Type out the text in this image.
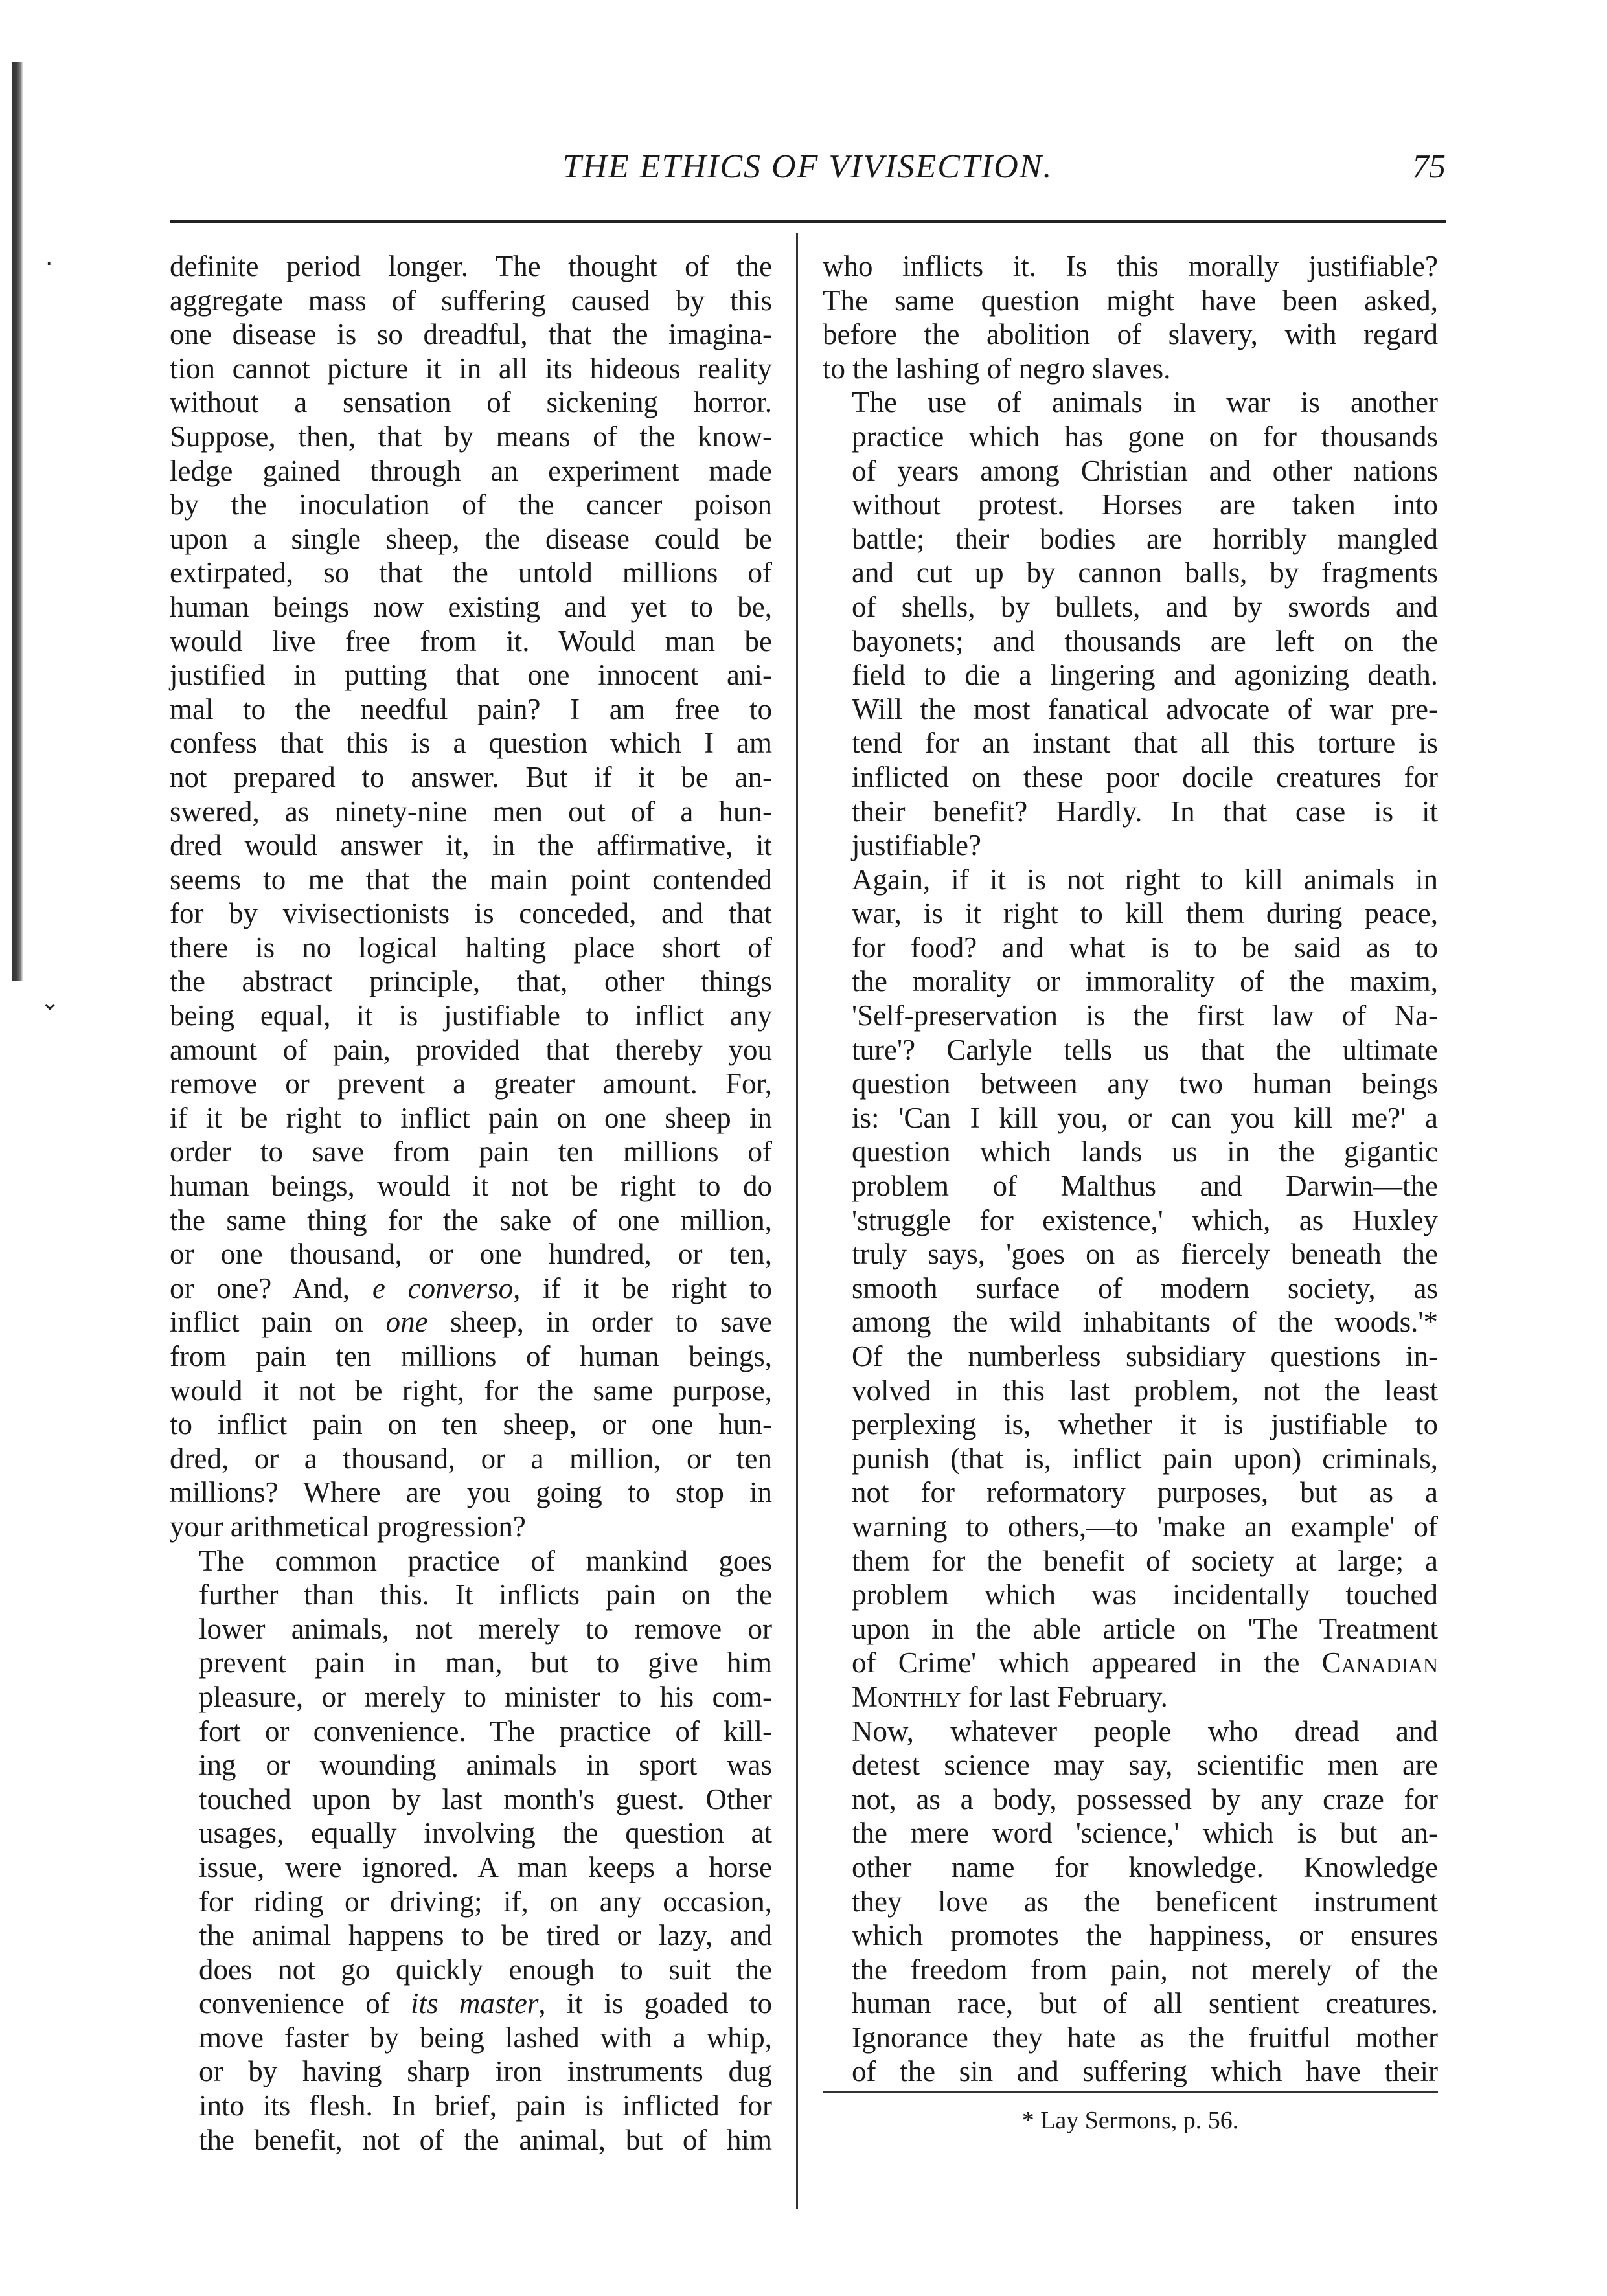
·
⌄
THE ETHICS OF VIVISECTION.	75

definite period longer. The thought of the
aggregate mass of suffering caused by this
one disease is so dreadful, that the imagina-
tion cannot picture it in all its hideous reality
without a sensation of sickening horror.
Suppose, then, that by means of the know-
ledge gained through an experiment made
by the inoculation of the cancer poison
upon a single sheep, the disease could be
extirpated, so that the untold millions of
human beings now existing and yet to be,
would live free from it. Would man be
justified in putting that one innocent ani-
mal to the needful pain? I am free to
confess that this is a question which I am
not prepared to answer. But if it be an-
swered, as ninety-nine men out of a hun-
dred would answer it, in the affirmative, it
seems to me that the main point contended
for by vivisectionists is conceded, and that
there is no logical halting place short of
the abstract principle, that, other things
being equal, it is justifiable to inflict any
amount of pain, provided that thereby you
remove or prevent a greater amount. For,
if it be right to inflict pain on one sheep in
order to save from pain ten millions of
human beings, would it not be right to do
the same thing for the sake of one million,
or one thousand, or one hundred, or ten,
or one? And, e converso, if it be right to
inflict pain on one sheep, in order to save
from pain ten millions of human beings,
would it not be right, for the same purpose,
to inflict pain on ten sheep, or one hun-
dred, or a thousand, or a million, or ten
millions? Where are you going to stop in
your arithmetical progression?

The common practice of mankind goes
further than this. It inflicts pain on the
lower animals, not merely to remove or
prevent pain in man, but to give him
pleasure, or merely to minister to his com-
fort or convenience. The practice of kill-
ing or wounding animals in sport was
touched upon by last month's guest. Other
usages, equally involving the question at
issue, were ignored. A man keeps a horse
for riding or driving; if, on any occasion,
the animal happens to be tired or lazy, and
does not go quickly enough to suit the
convenience of its master, it is goaded to
move faster by being lashed with a whip,
or by having sharp iron instruments dug
into its flesh. In brief, pain is inflicted for
the benefit, not of the animal, but of him

who inflicts it. Is this morally justifiable?
The same question might have been asked,
before the abolition of slavery, with regard
to the lashing of negro slaves.

The use of animals in war is another
practice which has gone on for thousands
of years among Christian and other nations
without protest. Horses are taken into
battle; their bodies are horribly mangled
and cut up by cannon balls, by fragments
of shells, by bullets, and by swords and
bayonets; and thousands are left on the
field to die a lingering and agonizing death.
Will the most fanatical advocate of war pre-
tend for an instant that all this torture is
inflicted on these poor docile creatures for
their benefit? Hardly. In that case is it
justifiable?

Again, if it is not right to kill animals in
war, is it right to kill them during peace,
for food? and what is to be said as to
the morality or immorality of the maxim,
'Self-preservation is the first law of Na-
ture'? Carlyle tells us that the ultimate
question between any two human beings
is: 'Can I kill you, or can you kill me?' a
question which lands us in the gigantic
problem of Malthus and Darwin—the
'struggle for existence,' which, as Huxley
truly says, 'goes on as fiercely beneath the
smooth surface of modern society, as
among the wild inhabitants of the woods.'*
Of the numberless subsidiary questions in-
volved in this last problem, not the least
perplexing is, whether it is justifiable to
punish (that is, inflict pain upon) criminals,
not for reformatory purposes, but as a
warning to others,—to 'make an example' of
them for the benefit of society at large; a
problem which was incidentally touched
upon in the able article on 'The Treatment
of Crime' which appeared in the Canadian
Monthly for last February.

Now, whatever people who dread and
detest science may say, scientific men are
not, as a body, possessed by any craze for
the mere word 'science,' which is but an-
other name for knowledge. Knowledge
they love as the beneficent instrument
which promotes the happiness, or ensures
the freedom from pain, not merely of the
human race, but of all sentient creatures.
Ignorance they hate as the fruitful mother
of the sin and suffering which have their

* Lay Sermons, p. 56.
